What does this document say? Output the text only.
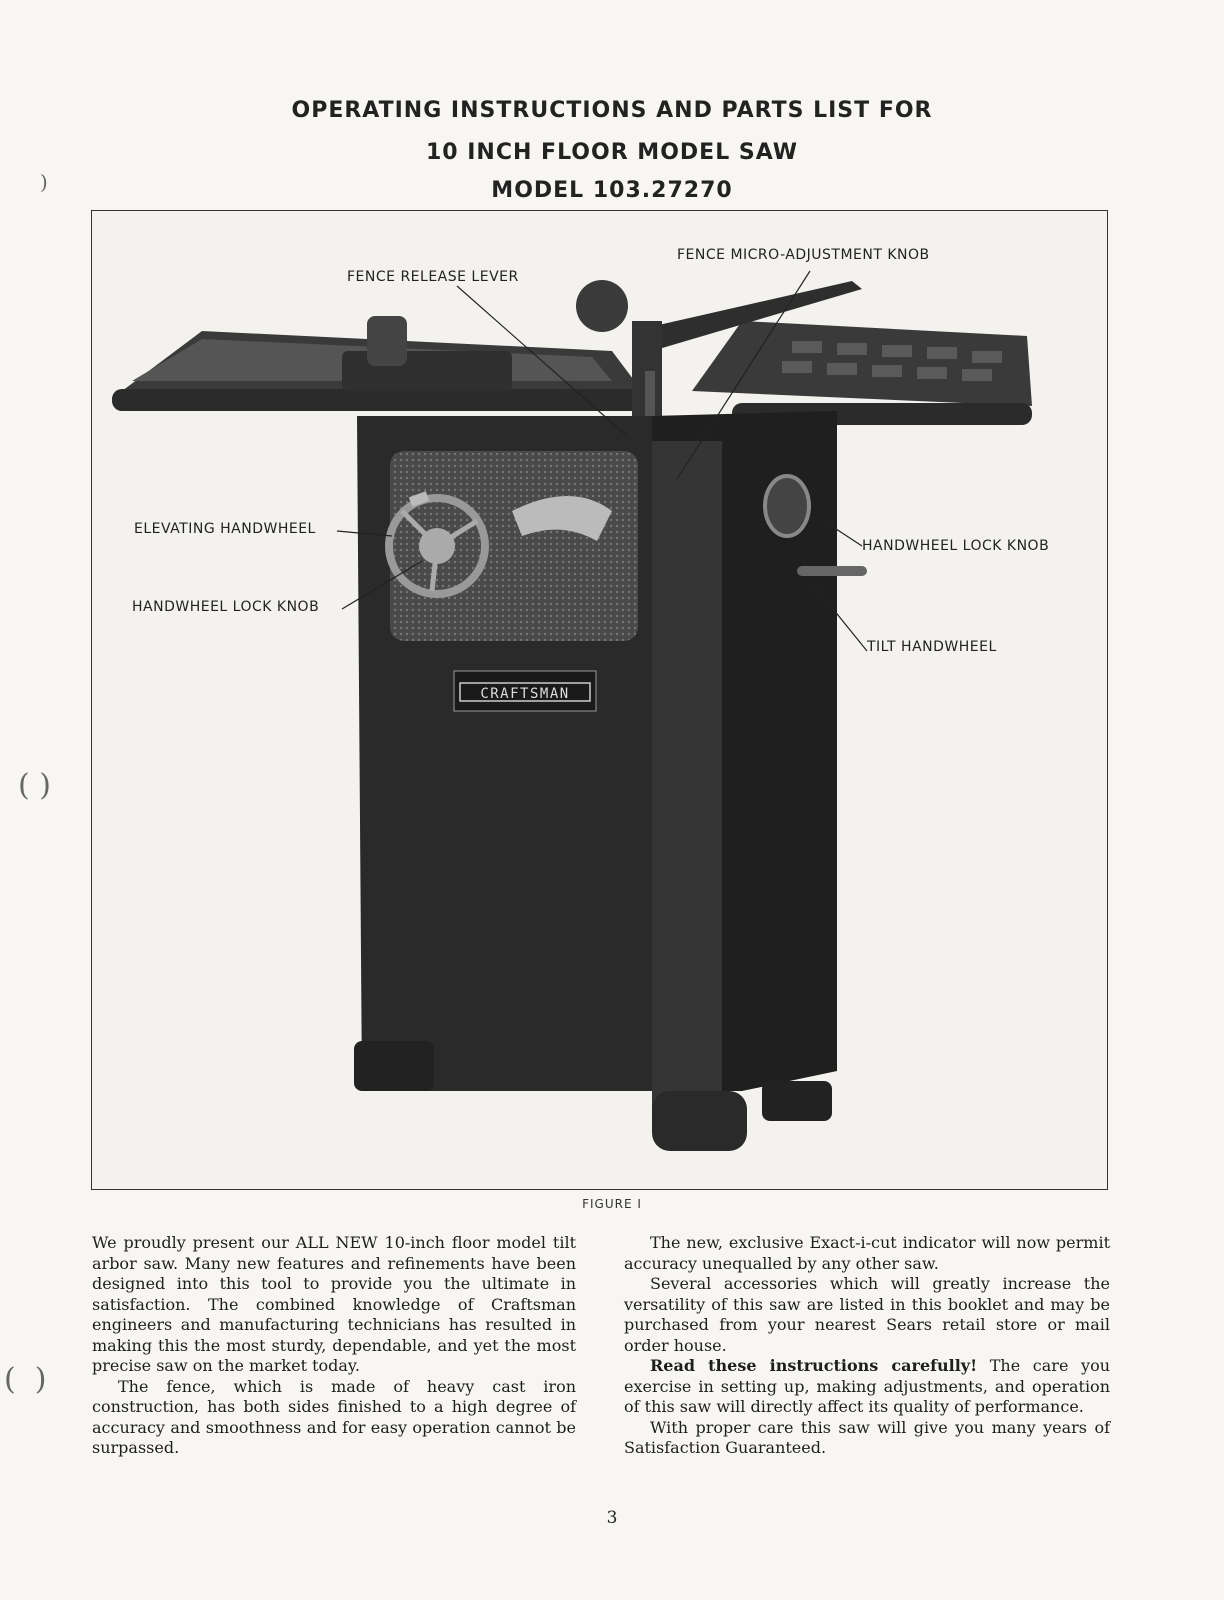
)
( )
(  )
OPERATING INSTRUCTIONS AND PARTS LIST FOR
10 INCH FLOOR MODEL SAW
MODEL 103.27270
CRAFTSMAN
FENCE RELEASE LEVER
FENCE MICRO-ADJUSTMENT KNOB
ELEVATING HANDWHEEL
HANDWHEEL LOCK KNOB
HANDWHEEL LOCK KNOB
TILT HANDWHEEL
FIGURE I

We proudly present our ALL NEW 10-inch floor model tilt arbor saw. Many new features and refinements have been designed into this tool to provide you the ultimate in satisfaction. The combined knowledge of Craftsman engineers and manufacturing technicians has resulted in making this the most sturdy, dependable, and yet the most precise saw on the market today.

The fence, which is made of heavy cast iron construction, has both sides finished to a high degree of accuracy and smoothness and for easy operation cannot be surpassed.

The new, exclusive Exact-i-cut indicator will now permit accuracy unequalled by any other saw.

Several accessories which will greatly increase the versatility of this saw are listed in this booklet and may be purchased from your nearest Sears retail store or mail order house.

Read these instructions carefully! The care you exercise in setting up, making adjustments, and operation of this saw will directly affect its quality of performance.

With proper care this saw will give you many years of Satisfaction Guaranteed.

3
